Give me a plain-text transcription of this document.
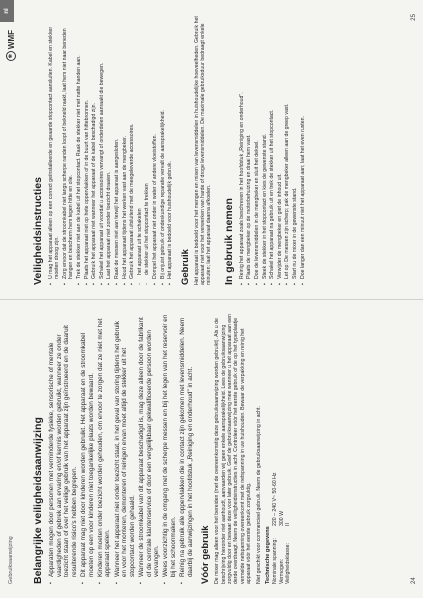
Gebruiksaanwijzing Belangrijke veiligheidsaanwijzing ▪ Apparaten mogen door personen met verminderde fysieke, sensorische of mentale vaardigheden of gebrek aan ervaring en/of kennis worden gebruikt, wanneer ze onder toezicht staan of over het veilige gebruik van het apparaat zijn geïnstrueerd en de daaruit resulterende risico's hebben begrepen. ▪ Dit apparaat mag niet door kinderen worden gebruikt. Het apparaat en de stroomkabel moeten op een voor kinderen niet toegankelijke plaats worden bewaard. ▪ Kinderen moeten onder toezicht worden gehouden, om ervoor te zorgen dat ze niet met het apparaat spelen. ▪ Wanneer het apparaat niet onder toezicht staat, in het geval van storing tijdens het gebruik en voor het monteren, demonteren of reinigen ervan moet altijd de stekker uit het stopcontact worden gehaald. ▪ Wanneer de stroomkabel van dit apparaat beschadigd is, mag deze alleen door de fabrikant of de centrale klantenservice of door een vergelijkbaar gekwalificeerde persoon worden vervangen. ▪ Wees voorzichtig in de omgang met de scherpe messen en bij het legen van het reservoir en bij het schoonmaken. ▪ Reinig na gebruik alle oppervlakken die in contact zijn gekomen met levensmiddelen. Neem daarbij de aanwijzingen in het hoofdstuk „Reiniging en onderhoud" in acht. Vóór gebruik De mixer mag alleen voor het bereiden (met de overeenkomstig deze gebruiksaanwijzing worden gebruikt). Als u de beschrijving hieronder niet aanhoudt, aanvaarden wij geen enkele aansprakelijkheid. Lees de gebruiksaanwijzing zorgvuldig door en bewaar deze voor later gebruik. Geef de gebruiksaanwijzing mee wanneer u het apparaat aan een derde overdraagt. Neem de veiligheidsinstructies in acht. Controleer vóór het eerste gebruik of de op het typeplaatje vermelde netspanning overeenkomt met de netspanning in uw huishouden. Bewaar de verpakking en reinig het apparaat vóór het eerste gebruik zorgvuldig. Niet geschikt voor commercieel gebruik. Neem de gebruiksaanwijzing in acht. Technische gegevens Nominale spanning:
220 – 240 V~ 50-60 Hz
Vermogen:
300 W
Veiligheidsklasse:
II
24
✻
WMF
nl
Veiligheidsinstructies ▪ U mag het apparaat alleen op een correct geïnstalleerde en geaarde stopcontact aansluiten. Kabel en stekker moeten droog zijn. ▪ Zorg ervoor dat de stroomkabel niet langs scherpe randen loopt of bekneld raakt, laat hem niet naar beneden hangen en bescherm hem tegen hitte en olie. ▪ Trek de stekker niet aan de kabel uit het stopcontact. Raak de stekker niet met natte handen aan. ▪ Plaats het apparaat niet op hete oppervlakken of in de buurt van hittebronnen. ▪ Gebruik het apparaat niet wanneer het apparaat of de kabel beschadigd zijn. ▪ Schakel het apparaat uit voordat u accessoires vervangt of onderdelen aanraakt die bewegen. ▪ Laat het apparaat niet zonder toezicht draaien. ▪ Raak de messen niet aan terwijl het apparaat is aangesloten. ▪ Houd het apparaat tijdens het werken vast aan de mengbeker. ▪ Gebruik het apparaat uitsluitend met de meegeleverde accessoires. - het apparaat uit te schakelen - de stekker uit het stopcontact te trekken ▪ Dompel het apparaat niet onder in water of andere vloeistoffen. ▪ Bij onjuist gebruik of ondeskundige reparatie vervalt de aansprakelijkheid. ▪ Het apparaat is bedoeld voor huishoudelijk gebruik. Gebruik Het apparaat is bedoeld voor het mengen en mixen van levensmiddelen in huishoudelijke hoeveelheden. Gebruik het apparaat niet voor het verwerken van harde of droge levensmiddelen. De maximale gebruiksduur bedraagt enkele minuten; laat het apparaat daarna afkoelen. In gebruik nemen ▪ Reinig het apparaat zoals beschreven in het hoofdstuk „Reiniging en onderhoud". ▪ Plaats de mengbeker op de motorbehuizing en draai hem vast. ▪ Doe de levensmiddelen in de mengbeker en sluit het deksel. ▪ Steek de stekker in het stopcontact en kies de gewenste stand. ▪ Schakel het apparaat na gebruik uit en trek de stekker uit het stopcontact. ▪ Verwijder de mengbeker en giet de inhoud uit. ▪ Let op: De messen zijn scherp; pak de mengbeker alleen aan de greep vast. ▪ Start nu de mixer in de gewenste stand. ▪ Doe langer dan een minuut niet het apparaat aan; laat het even rusten.
25
